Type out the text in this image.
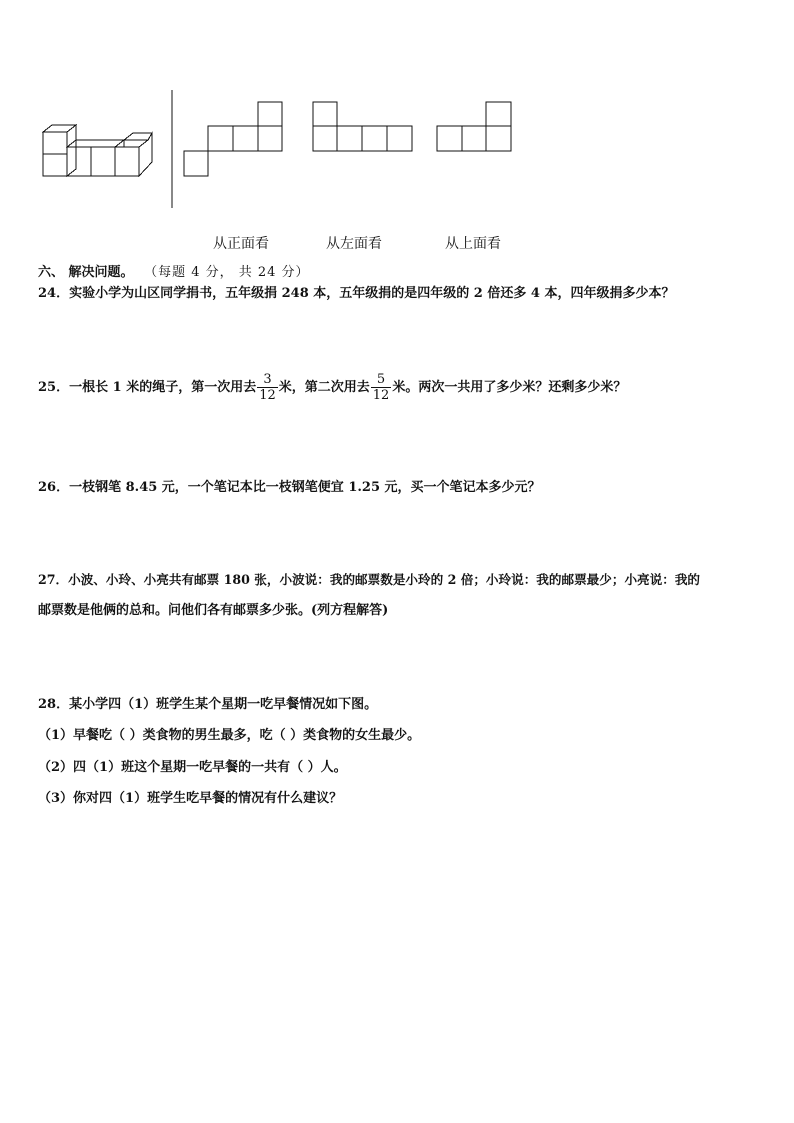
从正面看	从左面看	从上面看
六、 解决问题。 （每题 4 分， 共 24 分）
24．实验小学为山区同学捐书，五年级捐 248 本，五年级捐的是四年级的 2 倍还多 4 本，四年级捐多少本？
25．一根长 1 米的绳子，第一次用去 $\frac{3}{12}$ 米，第二次用去 $\frac{5}{12}$ 米。两次一共用了多少米？还剩多少米？
26．一枝钢笔 8.45 元，一个笔记本比一枝钢笔便宜 1.25 元，买一个笔记本多少元？
27．小波、小玲、小亮共有邮票 180 张，小波说：我的邮票数是小玲的 2 倍；小玲说：我的邮票最少；小亮说：我的
邮票数是他俩的总和。问他们各有邮票多少张。(列方程解答)
28．某小学四（1）班学生某个星期一吃早餐情况如下图。
（1）早餐吃（ ）类食物的男生最多，吃（ ）类食物的女生最少。
（2）四（1）班这个星期一吃早餐的一共有（ ）人。
（3）你对四（1）班学生吃早餐的情况有什么建议？
